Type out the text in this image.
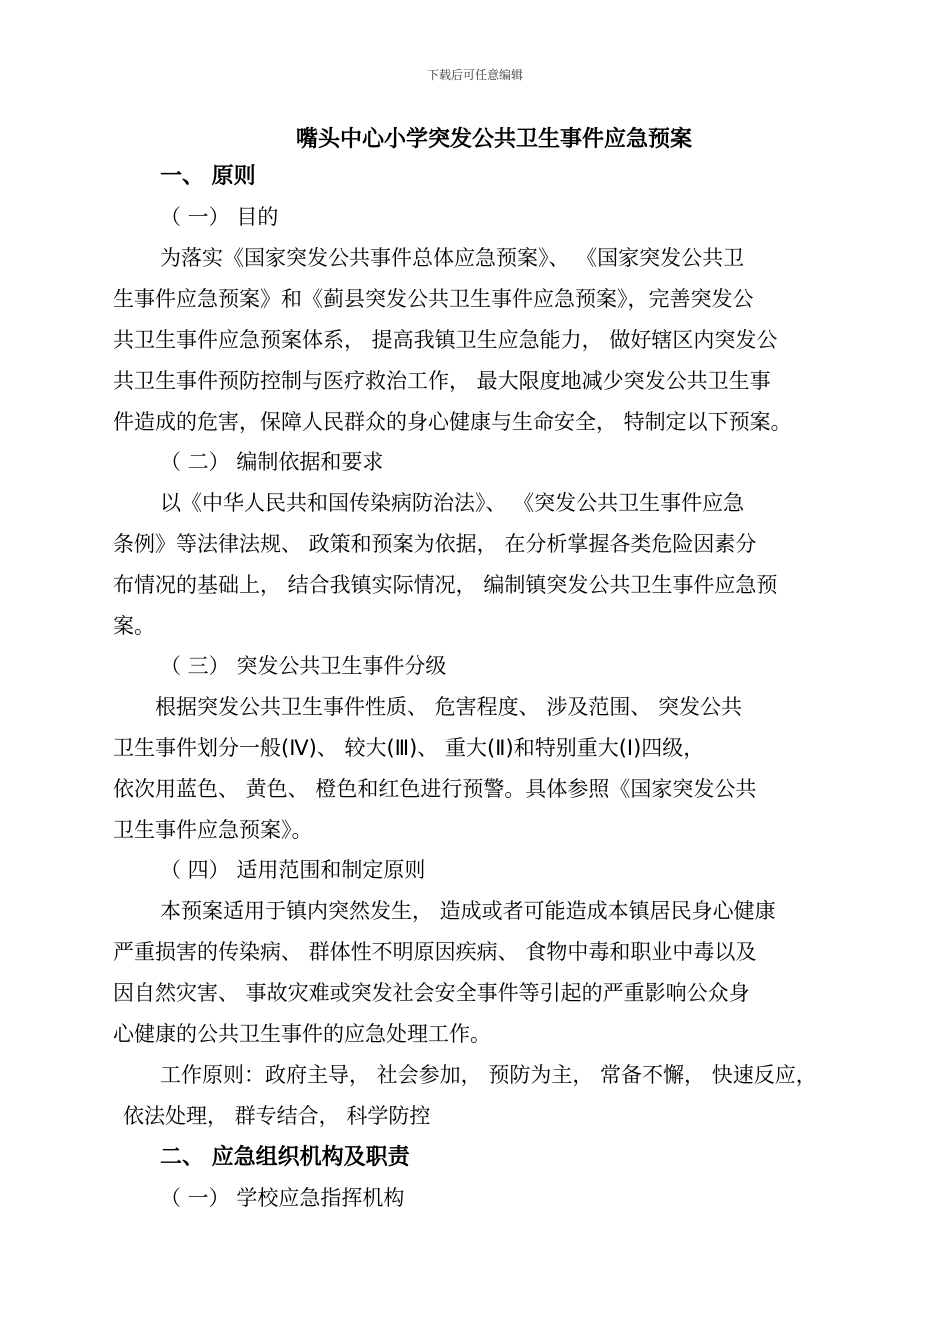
下载后可任意编辑
嘴头中心小学突发公共卫生事件应急预案
一、 原则
（ 一） 目的
为落实《国家突发公共事件总体应急预案》、 《国家突发公共卫
生事件应急预案》和《蓟县突发公共卫生事件应急预案》，完善突发公
共卫生事件应急预案体系， 提高我镇卫生应急能力， 做好辖区内突发公
共卫生事件预防控制与医疗救治工作， 最大限度地减少突发公共卫生事
件造成的危害，保障人民群众的身心健康与生命安全， 特制定以下预案。
（ 二） 编制依据和要求
以《中华人民共和国传染病防治法》、 《突发公共卫生事件应急
条例》等法律法规、 政策和预案为依据， 在分析掌握各类危险因素分
布情况的基础上， 结合我镇实际情况， 编制镇突发公共卫生事件应急预
案。
（ 三） 突发公共卫生事件分级
根据突发公共卫生事件性质、 危害程度、 涉及范围、 突发公共
卫生事件划分一般(Ⅳ)、 较大(Ⅲ)、 重大(Ⅱ)和特别重大(Ⅰ)四级，
依次用蓝色、 黄色、 橙色和红色进行预警。具体参照《国家突发公共
卫生事件应急预案》。
（ 四） 适用范围和制定原则
本预案适用于镇内突然发生， 造成或者可能造成本镇居民身心健康
严重损害的传染病、 群体性不明原因疾病、 食物中毒和职业中毒以及
因自然灾害、 事故灾难或突发社会安全事件等引起的严重影响公众身
心健康的公共卫生事件的应急处理工作。
工作原则：政府主导， 社会参加， 预防为主， 常备不懈， 快速反应，
依法处理， 群专结合， 科学防控
二、 应急组织机构及职责
（ 一） 学校应急指挥机构
